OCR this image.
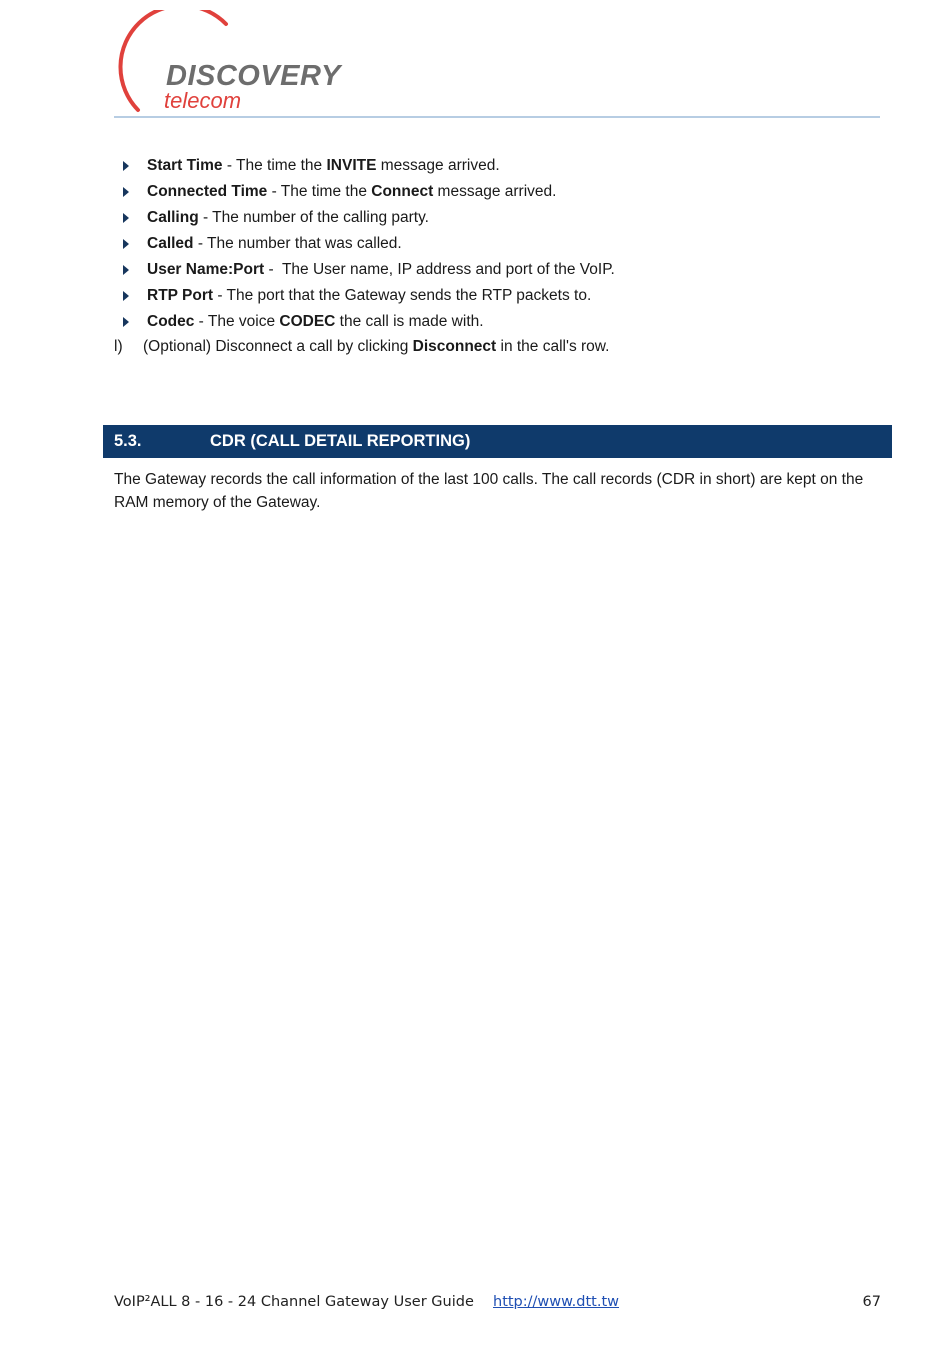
DISCOVERY
telecom
Start Time - The time the INVITE message arrived.
Connected Time - The time the Connect message arrived.
Calling - The number of the calling party.
Called - The number that was called.
User Name:Port -  The User name, IP address and port of the VoIP.
RTP Port - The port that the Gateway sends the RTP packets to.
Codec - The voice CODEC the call is made with.
l)	(Optional) Disconnect a call by clicking Disconnect in the call's row.
5.3.	CDR (CALL DETAIL REPORTING)

The Gateway records the call information of the last 100 calls. The call records (CDR in short) are kept on the RAM memory of the Gateway.

VoIP²ALL 8 - 16 - 24 Channel Gateway User Guide http://www.dtt.tw	67
